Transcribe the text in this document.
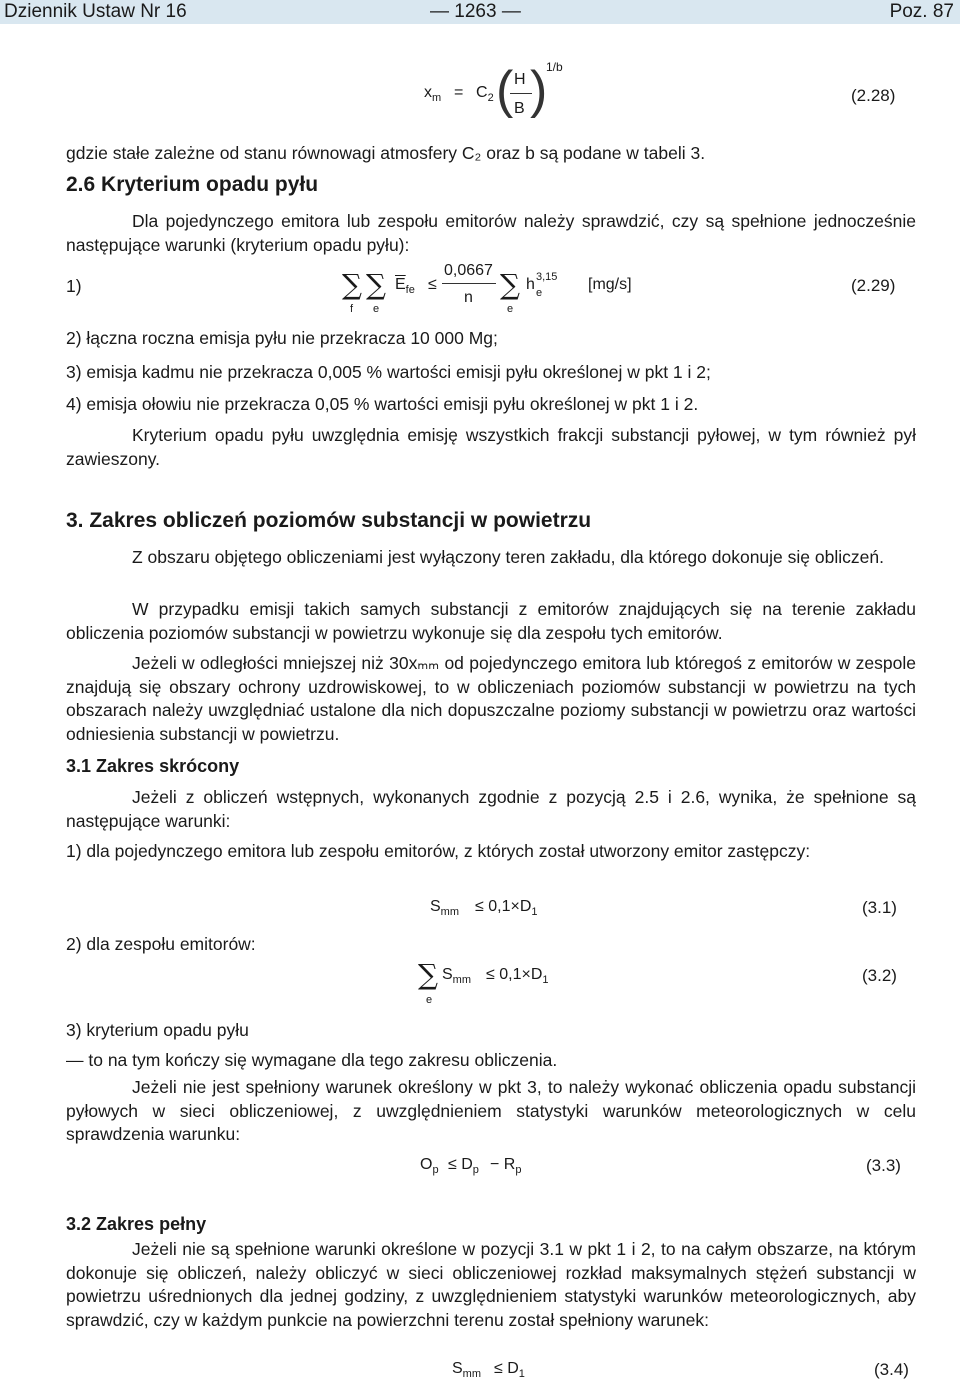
Dziennik Ustaw Nr 16	— 1263 —	Poz. 87
$x_m = C_2$ ( H
B )
1/b
(2.28)
gdzie stałe zależne od stanu równowagi atmosfery C₂ oraz b są podane w tabeli 3.
2.6 Kryterium opadu pyłu
Dla pojedynczego emitora lub zespołu emitorów należy sprawdzić, czy są spełnione jednocześnie następujące warunki (kryterium opadu pyłu):
1)	∑ ∑
f e
$\overline{E}_{fe}$ ≤
0,0667
n ∑
e
h 3,15
e	[mg/s]	(2.29)
2) łączna roczna emisja pyłu nie przekracza 10 000 Mg;
3) emisja kadmu nie przekracza 0,005 % wartości emisji pyłu określonej w pkt 1 i 2;
4) emisja ołowiu nie przekracza 0,05 % wartości emisji pyłu określonej w pkt 1 i 2.
Kryterium opadu pyłu uwzględnia emisję wszystkich frakcji substancji pyłowej, w tym również pył zawieszony.
3. Zakres obliczeń poziomów substancji w powietrzu
Z obszaru objętego obliczeniami jest wyłączony teren zakładu, dla którego dokonuje się obliczeń.
W przypadku emisji takich samych substancji z emitorów znajdujących się na terenie zakładu obliczenia poziomów substancji w powietrzu wykonuje się dla zespołu tych emitorów.
Jeżeli w odległości mniejszej niż 30xₘₘ od pojedynczego emitora lub któregoś z emitorów w zespole znajdują się obszary ochrony uzdrowiskowej, to w obliczeniach poziomów substancji w powietrzu na tych obszarach należy uwzględniać ustalone dla nich dopuszczalne poziomy substancji w powietrzu oraz wartości odniesienia substancji w powietrzu.
3.1 Zakres skrócony
Jeżeli z obliczeń wstępnych, wykonanych zgodnie z pozycją 2.5 i 2.6, wynika, że spełnione są następujące warunki:
1) dla pojedynczego emitora lub zespołu emitorów, z których został utworzony emitor zastępczy:
$S_{mm} \le 0,1\times D_1$	(3.1)
2) dla zespołu emitorów:
∑
e
$S_{mm} \le 0,1\times D_1$	(3.2)
3) kryterium opadu pyłu
— to na tym kończy się wymagane dla tego zakresu obliczenia.
Jeżeli nie jest spełniony warunek określony w pkt 3, to należy wykonać obliczenia opadu substancji pyłowych w sieci obliczeniowej, z uwzględnieniem statystyki warunków meteorologicznych w celu sprawdzenia warunku:
$O_p \le D_p - R_p$	(3.3)
3.2 Zakres pełny
Jeżeli nie są spełnione warunki określone w pozycji 3.1 w pkt 1 i 2, to na całym obszarze, na którym dokonuje się obliczeń, należy obliczyć w sieci obliczeniowej rozkład maksymalnych stężeń substancji w powietrzu uśrednionych dla jednej godziny, z uwzględnieniem statystyki warunków meteorologicznych, aby sprawdzić, czy w każdym punkcie na powierzchni terenu został spełniony warunek:
$S_{mm} \le D_1$	(3.4)
